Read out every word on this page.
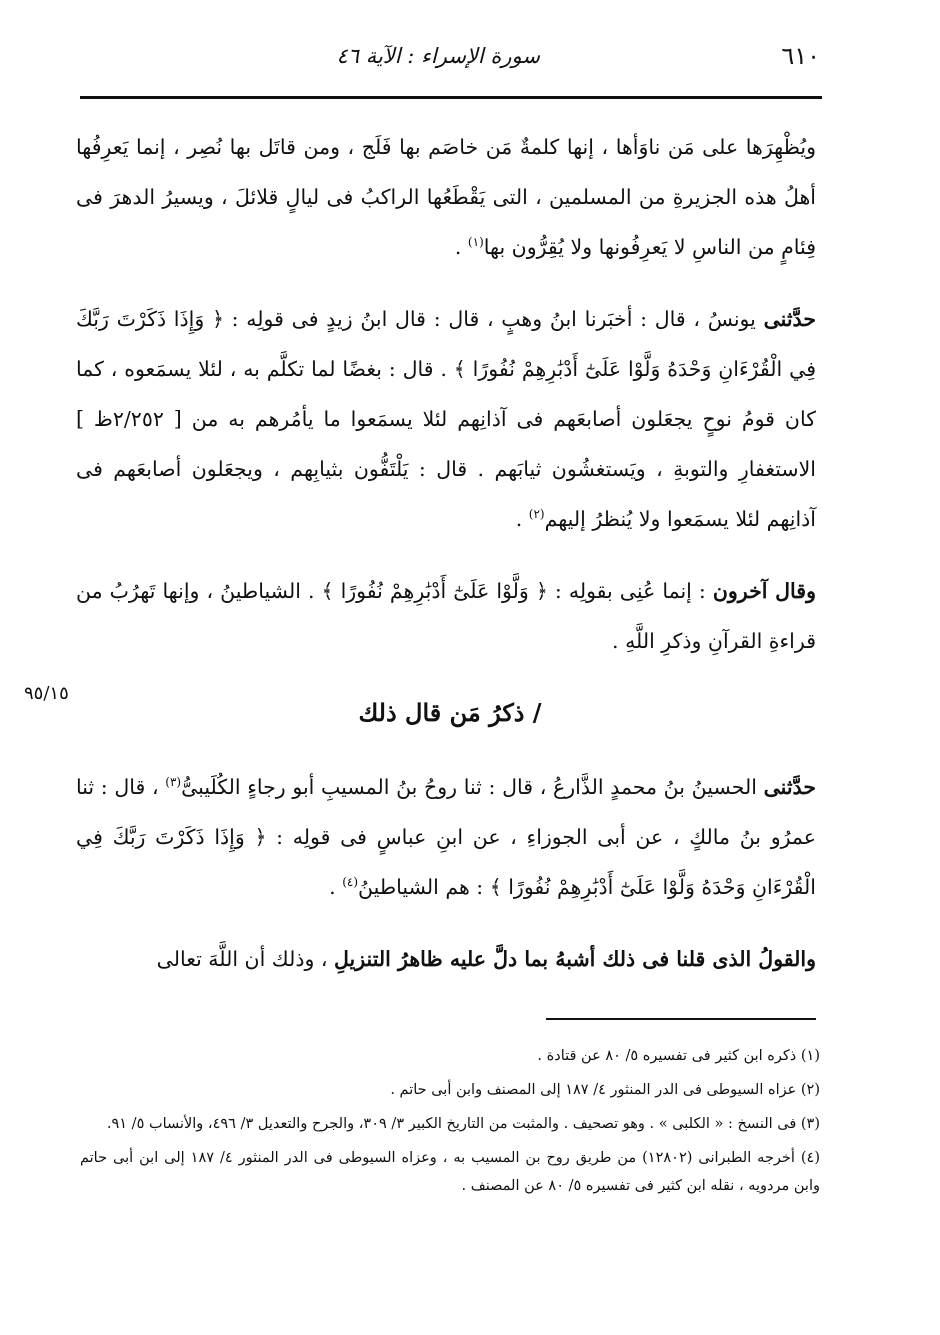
٦١٠
سورة الإسراء : الآية ٤٦

ويُظْهِرَها على مَن ناوَأها ، إنها كلمةٌ مَن خاصَم بها فَلَج ، ومن قاتَل بها نُصِر ، إنما يَعرِفُها أهلُ هذه الجزيرةِ من المسلمين ، التى يَقْطَعُها الراكبُ فى ليالٍ قلائلَ ، ويسيرُ الدهرَ فى فِئامٍ من الناسِ لا يَعرِفُونها ولا يُقِرُّون بها$^{(١)}$ .

حدَّثنى يونسُ ، قال : أخبَرنا ابنُ وهبٍ ، قال : قال ابنُ زيدٍ فى قولِه : ﴿ وَإِذَا ذَكَرْتَ رَبَّكَ فِي الْقُرْءَانِ وَحْدَهُ وَلَّوْا عَلَىٰٓ أَدْبَٰرِهِمْ نُفُورًا ﴾ . قال : بغضًا لما تكلَّم به ، لئلا يسمَعوه ، كما كان قومُ نوحٍ يجعَلون أصابعَهم فى آذانِهم لئلا يسمَعوا ما يأمُرهم به من [ ٢/٢٥٢ظ ] الاستغفارِ والتوبةِ ، ويَستغشُون ثيابَهم . قال : يَلْتَفُّون بثيابِهم ، ويجعَلون أصابعَهم فى آذانِهم لئلا يسمَعوا ولا يُنظرُ إليهم$^{(٢)}$ .

وقال آخرون : إنما عُنِى بقولِه : ﴿ وَلَّوْا عَلَىٰٓ أَدْبَٰرِهِمْ نُفُورًا ﴾ . الشياطينُ ، وإنها تَهرُبُ من قراءةِ القرآنِ وذكرِ اللَّهِ .

٩٥/١٥
/ ذكرُ مَن قال ذلك

حدَّثنى الحسينُ بنُ محمدٍ الذَّارعُ ، قال : ثنا روحُ بنُ المسيبِ أبو رجاءٍ الكُلَيبىُّ$^{(٣)}$ ، قال : ثنا عمرُو بنُ مالكٍ ، عن أبى الجوزاءِ ، عن ابنِ عباسٍ فى قولِه : ﴿ وَإِذَا ذَكَرْتَ رَبَّكَ فِي الْقُرْءَانِ وَحْدَهُ وَلَّوْا عَلَىٰٓ أَدْبَٰرِهِمْ نُفُورًا ﴾ : هم الشياطينُ$^{(٤)}$ .

والقولُ الذى قلنا فى ذلك أشبهُ بما دلَّ عليه ظاهرُ التنزيلِ ، وذلك أن اللَّهَ تعالى

(١) ذكره ابن كثير فى تفسيره ٥/ ٨٠ عن قتادة .

(٢) عزاه السيوطى فى الدر المنثور ٤/ ١٨٧ إلى المصنف وابن أبى حاتم .

(٣) فى النسخ : « الكلبى » . وهو تصحيف . والمثبت من التاريخ الكبير ٣/ ٣٠٩، والجرح والتعديل ٣/ ٤٩٦، والأنساب ٥/ ٩١.

(٤) أخرجه الطبرانى (١٢٨٠٢) من طريق روح بن المسيب به ، وعزاه السيوطى فى الدر المنثور ٤/ ١٨٧ إلى ابن أبى حاتم وابن مردويه ، نقله ابن كثير فى تفسيره ٥/ ٨٠ عن المصنف .
